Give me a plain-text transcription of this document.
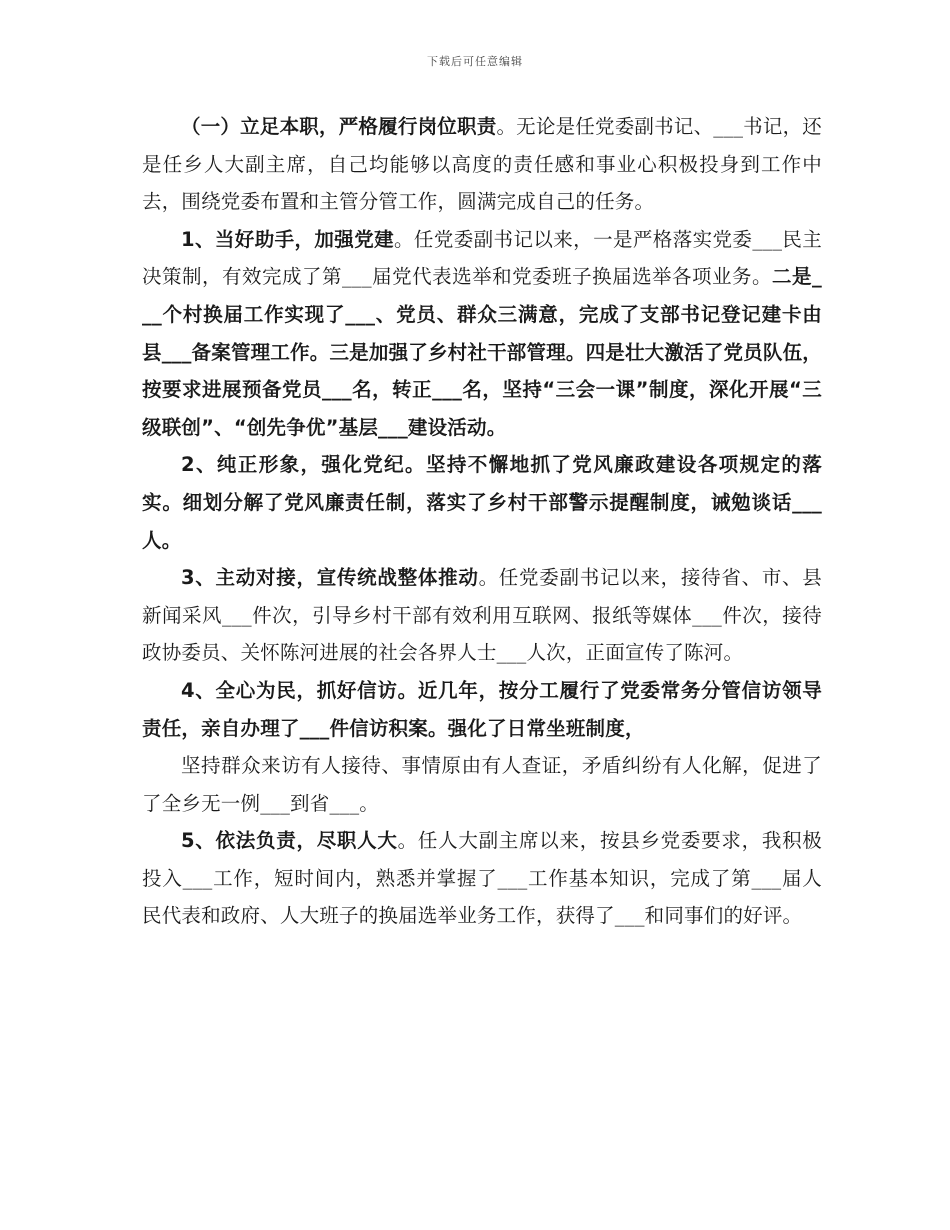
下载后可任意编辑

（一）立足本职，严格履行岗位职责。无论是任党委副书记、___书记，还是任乡人大副主席，自己均能够以高度的责任感和事业心积极投身到工作中去，围绕党委布置和主管分管工作，圆满完成自己的任务。

1、当好助手，加强党建。任党委副书记以来，一是严格落实党委___民主决策制，有效完成了第___届党代表选举和党委班子换届选举各项业务。二是___个村换届工作实现了___、党员、群众三满意，完成了支部书记登记建卡由县___备案管理工作。三是加强了乡村社干部管理。四是壮大激活了党员队伍，按要求进展预备党员___名，转正___名，坚持“三会一课”制度，深化开展“三级联创”、“创先争优”基层___建设活动。

2、纯正形象，强化党纪。坚持不懈地抓了党风廉政建设各项规定的落实。细划分解了党风廉责任制，落实了乡村干部警示提醒制度，诫勉谈话___人。

3、主动对接，宣传统战整体推动。任党委副书记以来，接待省、市、县新闻采风___件次，引导乡村干部有效利用互联网、报纸等媒体___件次，接待政协委员、关怀陈河进展的社会各界人士___人次，正面宣传了陈河。

4、全心为民，抓好信访。近几年，按分工履行了党委常务分管信访领导责任，亲自办理了___件信访积案。强化了日常坐班制度，

坚持群众来访有人接待、事情原由有人查证，矛盾纠纷有人化解，促进了了全乡无一例___到省___。

5、依法负责，尽职人大。任人大副主席以来，按县乡党委要求，我积极投入___工作，短时间内，熟悉并掌握了___工作基本知识，完成了第___届人民代表和政府、人大班子的换届选举业务工作，获得了___和同事们的好评。
